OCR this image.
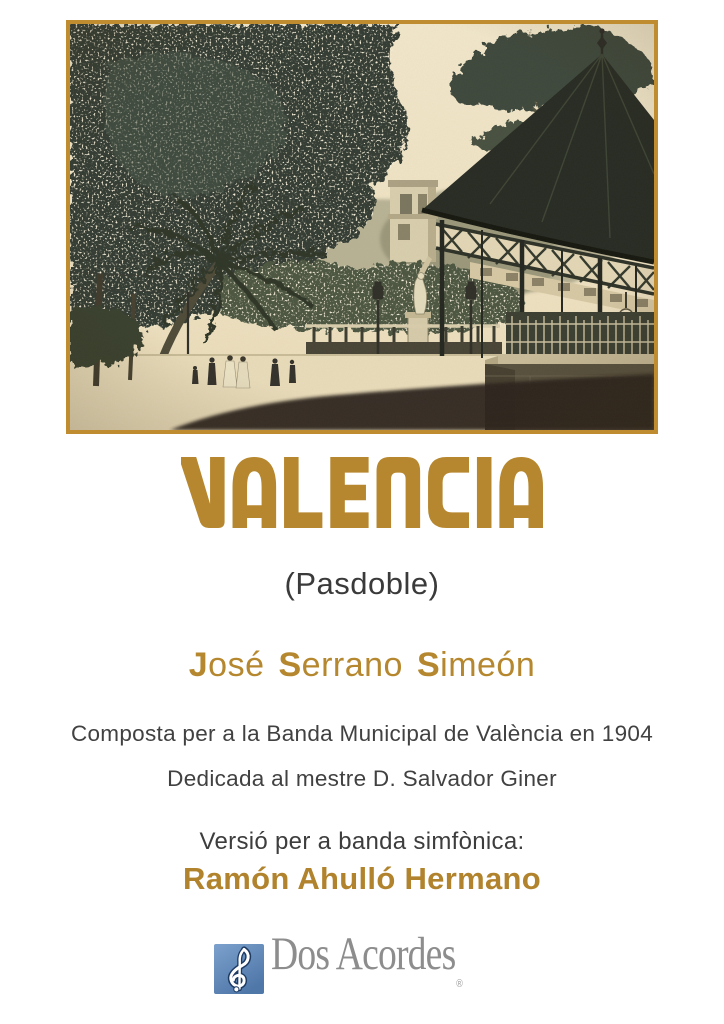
(Pasdoble)
José Serrano Simeón
Composta per a la Banda Municipal de València en 1904
Dedicada al mestre D. Salvador Giner
Versió per a banda simfònica:
Ramón Ahulló Hermano
Dos Acordes$_®$
